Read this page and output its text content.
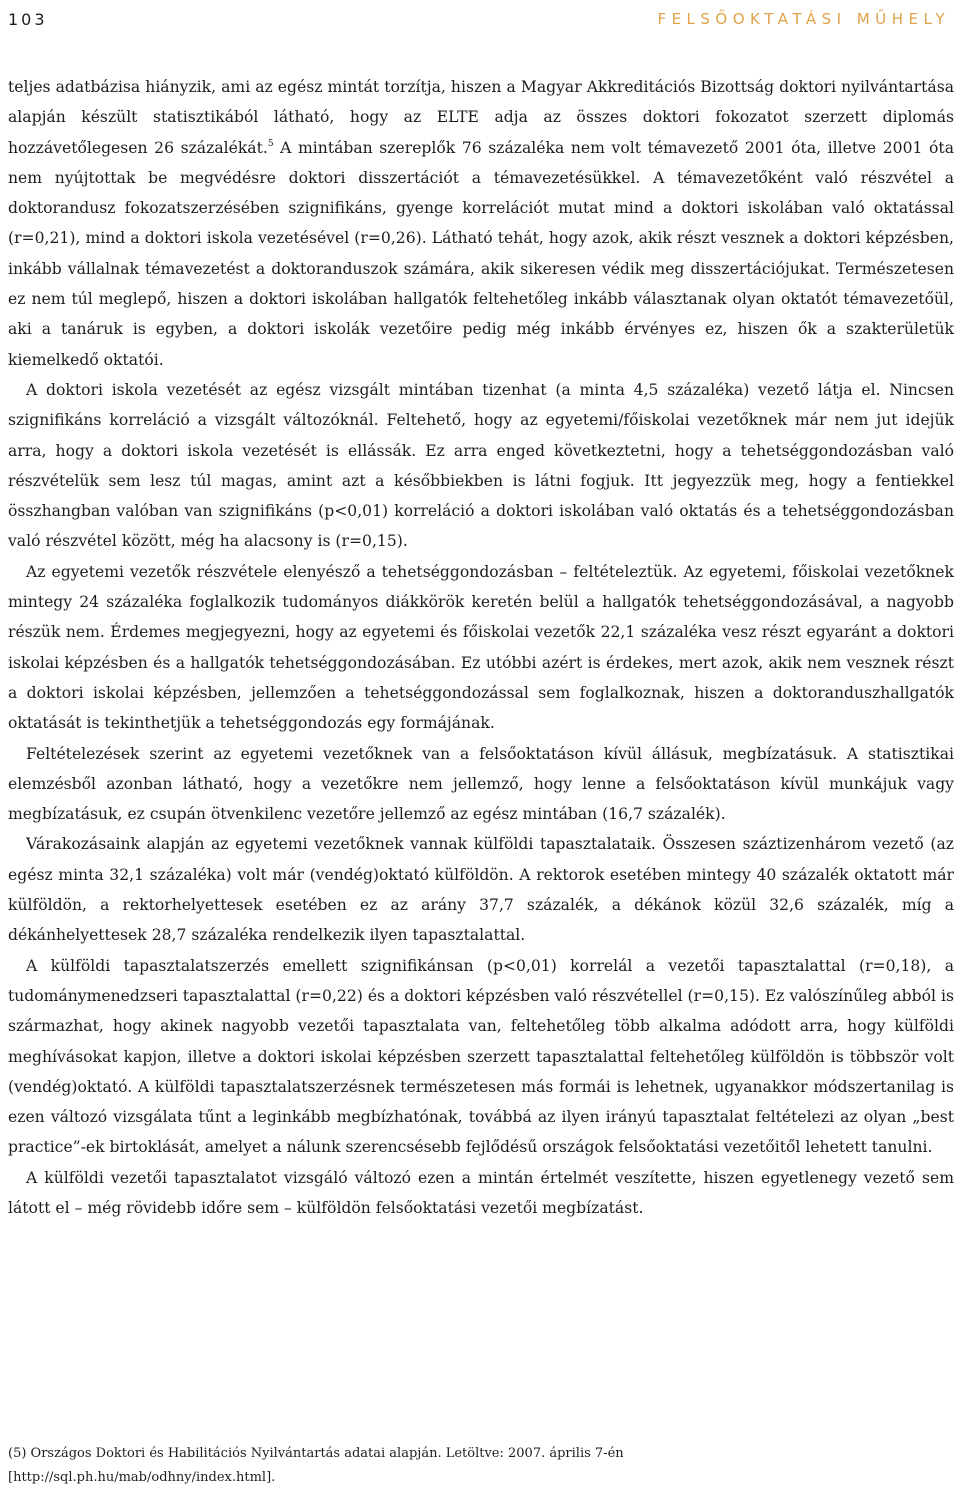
103	FELSŐOKTATÁSI MŰHELY

teljes adatbázisa hiányzik, ami az egész mintát torzítja, hiszen a Magyar Akkreditációs Bizottság doktori nyilvántartása alapján készült statisztikából látható, hogy az ELTE adja az összes doktori fokozatot szerzett diplomás hozzávetőlegesen 26 százalékát.$^5$ A mintában szereplők 76 százaléka nem volt témavezető 2001 óta, illetve 2001 óta nem nyújtottak be megvédésre doktori disszertációt a témavezetésükkel. A témavezetőként való részvétel a doktorandusz fokozatszerzésében szignifikáns, gyenge korrelációt mutat mind a doktori iskolában való oktatással (r=0,21), mind a doktori iskola vezetésével (r=0,26). Látható tehát, hogy azok, akik részt vesznek a doktori képzésben, inkább vállalnak témavezetést a doktoranduszok számára, akik sikeresen védik meg disszertációjukat. Természetesen ez nem túl meglepő, hiszen a doktori iskolában hallgatók feltehetőleg inkább választanak olyan oktatót témavezetőül, aki a tanáruk is egyben, a doktori iskolák vezetőire pedig még inkább érvényes ez, hiszen ők a szakterületük kiemelkedő oktatói.

A doktori iskola vezetését az egész vizsgált mintában tizenhat (a minta 4,5 százaléka) vezető látja el. Nincsen szignifikáns korreláció a vizsgált változóknál. Feltehető, hogy az egyetemi/főiskolai vezetőknek már nem jut idejük arra, hogy a doktori iskola vezetését is ellássák. Ez arra enged következtetni, hogy a tehetséggondozásban való részvételük sem lesz túl magas, amint azt a későbbiekben is látni fogjuk. Itt jegyezzük meg, hogy a fentiekkel összhangban valóban van szignifikáns (p<0,01) korreláció a doktori iskolában való oktatás és a tehetséggondozásban való részvétel között, még ha alacsony is (r=0,15).

Az egyetemi vezetők részvétele elenyésző a tehetséggondozásban – feltételeztük. Az egyetemi, főiskolai vezetőknek mintegy 24 százaléka foglalkozik tudományos diákkörök keretén belül a hallgatók tehetséggondozásával, a nagyobb részük nem. Érdemes megjegyezni, hogy az egyetemi és főiskolai vezetők 22,1 százaléka vesz részt egyaránt a doktori iskolai képzésben és a hallgatók tehetséggondozásában. Ez utóbbi azért is érdekes, mert azok, akik nem vesznek részt a doktori iskolai képzésben, jellemzően a tehetséggondozással sem foglalkoznak, hiszen a doktoranduszhallgatók oktatását is tekinthetjük a tehetséggondozás egy formájának.

Feltételezések szerint az egyetemi vezetőknek van a felsőoktatáson kívül állásuk, megbízatásuk. A statisztikai elemzésből azonban látható, hogy a vezetőkre nem jellemző, hogy lenne a felsőoktatáson kívül munkájuk vagy megbízatásuk, ez csupán ötvenkilenc vezetőre jellemző az egész mintában (16,7 százalék).

Várakozásaink alapján az egyetemi vezetőknek vannak külföldi tapasztalataik. Összesen száztizenhárom vezető (az egész minta 32,1 százaléka) volt már (vendég)oktató külföldön. A rektorok esetében mintegy 40 százalék oktatott már külföldön, a rektorhelyettesek esetében ez az arány 37,7 százalék, a dékánok közül 32,6 százalék, míg a dékánhelyettesek 28,7 százaléka rendelkezik ilyen tapasztalattal.

A külföldi tapasztalatszerzés emellett szignifikánsan (p<0,01) korrelál a vezetői tapasztalattal (r=0,18), a tudománymenedzseri tapasztalattal (r=0,22) és a doktori képzésben való részvétellel (r=0,15). Ez valószínűleg abból is származhat, hogy akinek nagyobb vezetői tapasztalata van, feltehetőleg több alkalma adódott arra, hogy külföldi meghívásokat kapjon, illetve a doktori iskolai képzésben szerzett tapasztalattal feltehetőleg külföldön is többször volt (vendég)oktató. A külföldi tapasztalatszerzésnek természetesen más formái is lehetnek, ugyanakkor módszertanilag is ezen változó vizsgálata tűnt a leginkább megbízhatónak, továbbá az ilyen irányú tapasztalat feltételezi az olyan „best practice”-ek birtoklását, amelyet a nálunk szerencsésebb fejlődésű országok felsőoktatási vezetőitől lehetett tanulni.

A külföldi vezetői tapasztalatot vizsgáló változó ezen a mintán értelmét veszítette, hiszen egyetlenegy vezető sem látott el – még rövidebb időre sem – külföldön felsőoktatási vezetői megbízatást.

(5) Országos Doktori és Habilitációs Nyilvántartás adatai alapján. Letöltve: 2007. április 7-én
[http://sql.ph.hu/mab/odhny/index.html].
